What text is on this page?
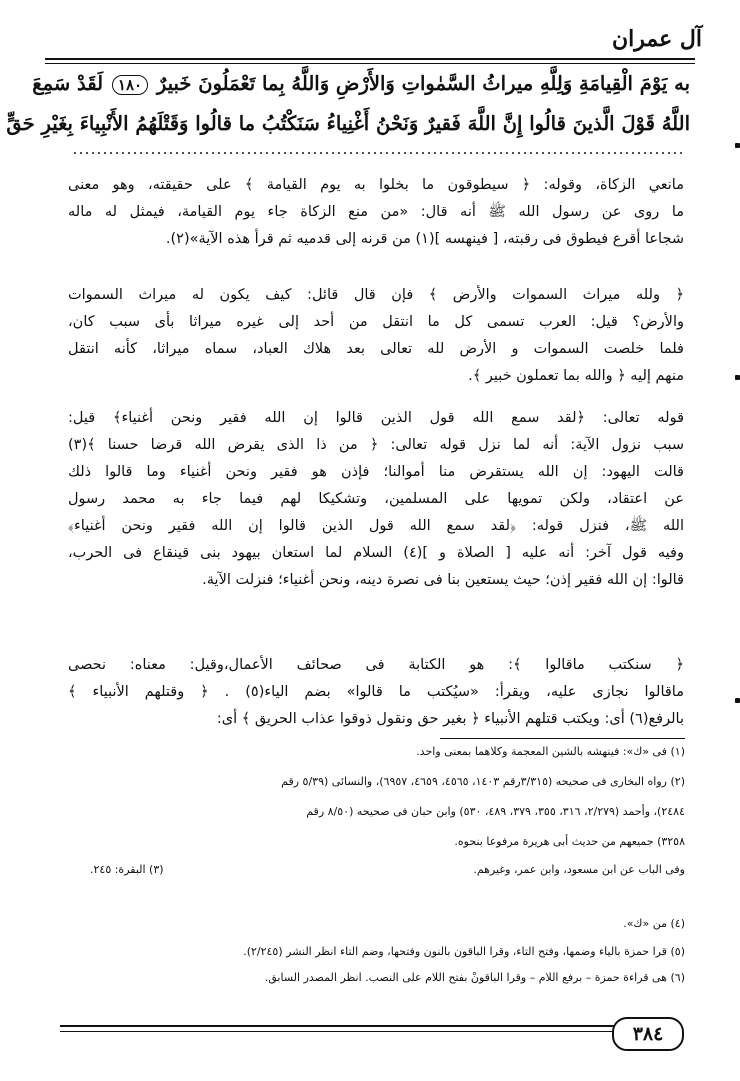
آل عمران
به يَوْمَ الْقِيامَةِ وَلِلَّهِ ميراثُ السَّمٰواتِ وَالأَرْضِ وَاللَّهُ بِما تَعْمَلُونَ خَبيرٌ ١٨٠ لَقَدْ سَمِعَ
اللَّهُ قَوْلَ الَّذينَ قالُوا إِنَّ اللَّهَ فَقيرٌ وَنَحْنُ أَغْنِياءُ سَنَكْتُبُ ما قالُوا وَقَتْلَهُمُ الأَنْبِياءَ بِغَيْرِ حَقٍّ
مانعي الزكاة، وقوله: ﴿ سيطوقون ما بخلوا به يوم القيامة ﴾ على حقيقته، وهو معنى
ما روى عن رسول الله ﷺ أنه قال: «من منع الزكاة جاء يوم القيامة، فيمثل له ماله
شجاعا أقرع فيطوق فى رقبته، [ فينهسه ](١) من قرنه إلى قدميه ثم قرأ هذه الآية»(٢).
﴿ ولله ميراث السموات والأرض ﴾ فإن قال قائل: كيف يكون له ميراث السموات
والأرض؟ قيل: العرب تسمى كل ما انتقل من أحد إلى غيره ميراثا بأى سبب كان،
فلما خلصت السموات و الأرض لله تعالى بعد هلاك العباد، سماه ميراثا، كأنه انتقل
منهم إليه ﴿ والله بما تعملون خبير ﴾.
قوله تعالى: ﴿لقد سمع الله قول الذين قالوا إن الله فقير ونحن أغنياء﴾ قيل:
سبب نزول الآية: أنه لما نزل قوله تعالى: ﴿ من ذا الذى يقرض الله قرضا حسنا ﴾(٣)
قالت اليهود: إن الله يستقرض منا أموالنا؛ فإذن هو فقير ونحن أغنياء وما قالوا ذلك
عن اعتقاد، ولكن تمويها على المسلمين، وتشكيكا لهم فيما جاء به محمد رسول
الله ﷺ، فنزل قوله: ﴿لقد سمع الله قول الذين قالوا إن الله فقير ونحن أغنياء﴾
وفيه قول آخر: أنه عليه [ الصلاة و ](٤) السلام لما استعان بيهود بنى قينقاع فى الحرب،
قالوا: إن الله فقير إذن؛ حيث يستعين بنا فى نصرة دينه، ونحن أغنياء؛ فنزلت الآية.
﴿ سنكتب ماقالوا ﴾: هو الكتابة فى صحائف الأعمال،وقيل: معناه: نحصى
ماقالوا نجازى عليه، ويقرأ: «سيُكتب ما قالوا» بضم الياء(٥) . ﴿ وقتلهم الأنبياء ﴾
بالرفع(٦) أى: ويكتب قتلهم الأنبياء ﴿ بغير حق ونقول ذوقوا عذاب الحريق ﴾ أى:
(١) فى «ك»: فينهشه بالشين المعجمة وكلاهما بمعنى واحد.
(٢) رواه البخارى فى صحيحه (٣/٣١٥رقم ١٤٠٣، ٤٥٦٥، ٤٦٥٩، ٦٩٥٧)، والنسائى (٥/٣٩ رقم
٢٤٨٤)، وأحمد (٢/٢٧٩، ٣١٦، ٣٥٥، ٣٧٩، ٤٨٩، ٥٣٠) وابن حبان فى صحيحه (٨/٥٠ رقم
٣٢٥٨) جميعهم من حديث أبى هريرة مرفوعا بنحوه.
وفى الباب عن ابن مسعود، وابن عمر، وغيرهم.
(٣) البقرة: ٢٤٥.
(٤) من «ك».
(٥) قرا حمزة بالياء وضمها، وفتح التاء، وقرا الباقون بالنون وفتحها، وضم التاء انظر النشر (٢/٢٤٥).
(٦) هى قراءة حمزة – برفع اللام – وقرا الباقونْ بفتح اللام على النصب. انظر المصدر السابق.
٣٨٤
